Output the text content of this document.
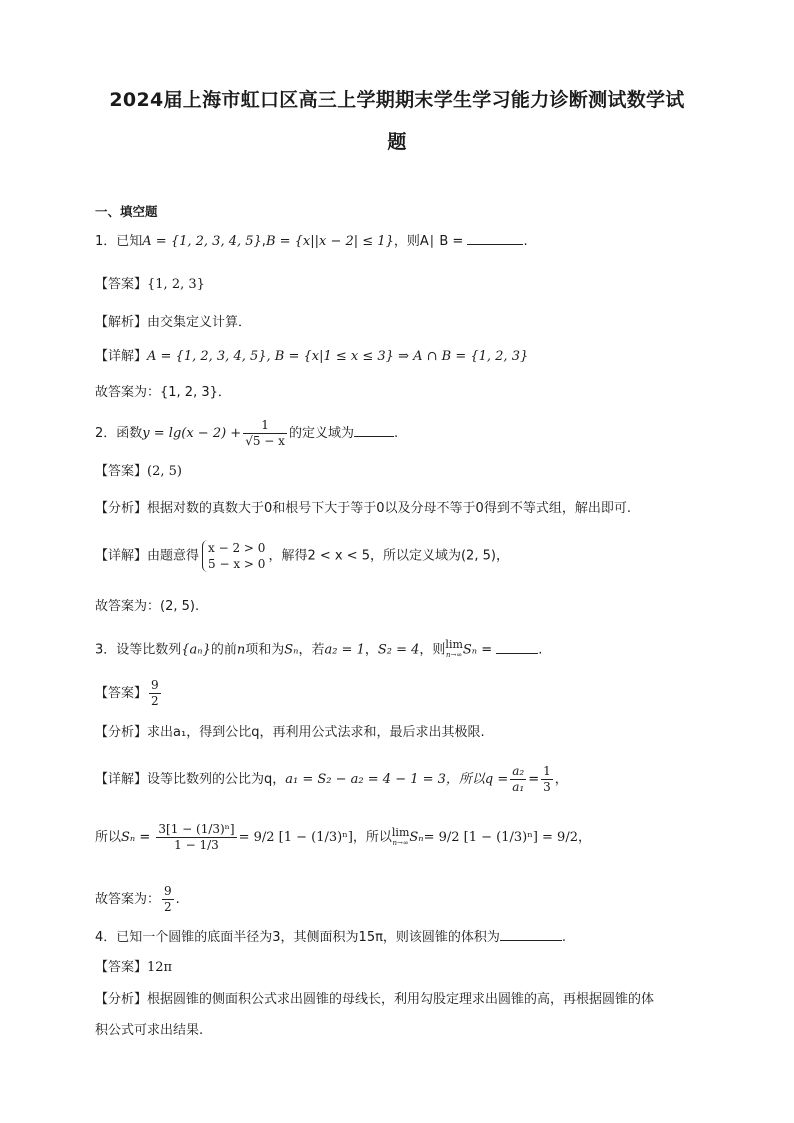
2024届上海市虹口区高三上学期期末学生学习能力诊断测试数学试
题
一、填空题
1．已知A = {1, 2, 3, 4, 5},B = {x||x − 2| ≤ 1}，则A∣ B =	.
【答案】{1, 2, 3}
【解析】由交集定义计算．
【详解】A = {1, 2, 3, 4, 5}, B = {x|1 ≤ x ≤ 3} ⇒ A ∩ B = {1, 2, 3}
故答案为：{1, 2, 3}．
2．函数$y = \lg(x - 2) + \frac{1}{√5 - x}$ 的定义域为	.
【答案】(2, 5)
【分析】根据对数的真数大于0和根号下大于等于0以及分母不等于0得到不等式组，解出即可.
【详解】由题意得x − 2 > 0
5 − x > 0，解得2 < x < 5，所以定义域为(2, 5)，
故答案为：(2, 5).
3．设等比数列{aₙ}的前n项和为Sₙ，若a₂ = 1，S₂ = 4，则lim
n→∞ Sₙ =	.
【答案】 $\frac{9}{2}$
【分析】求出a₁，得到公比q，再利用公式法求和，最后求出其极限.
【详解】设等比数列的公比为q，a₁ = S₂ − a₂ = 4 − 1 = 3，所以$q = \frac{\text{a₂}}{\text{a₁}} = \frac{1}{3}$ ，
所以$S_n = \frac{\text{3[1 − (1/3)ⁿ]}}{1 - 1/3} = 9/2$ [1 − (1/3)ⁿ]，所以lim
n→∞ Sₙ= 9/2 [1 − (1/3)ⁿ] = 9/2，
故答案为： $\frac{9}{2}$ .
4．已知一个圆锥的底面半径为3，其侧面积为15π，则该圆锥的体积为	.
【答案】12π
【分析】根据圆锥的侧面积公式求出圆锥的母线长，利用勾股定理求出圆锥的高，再根据圆锥的体
积公式可求出结果.
